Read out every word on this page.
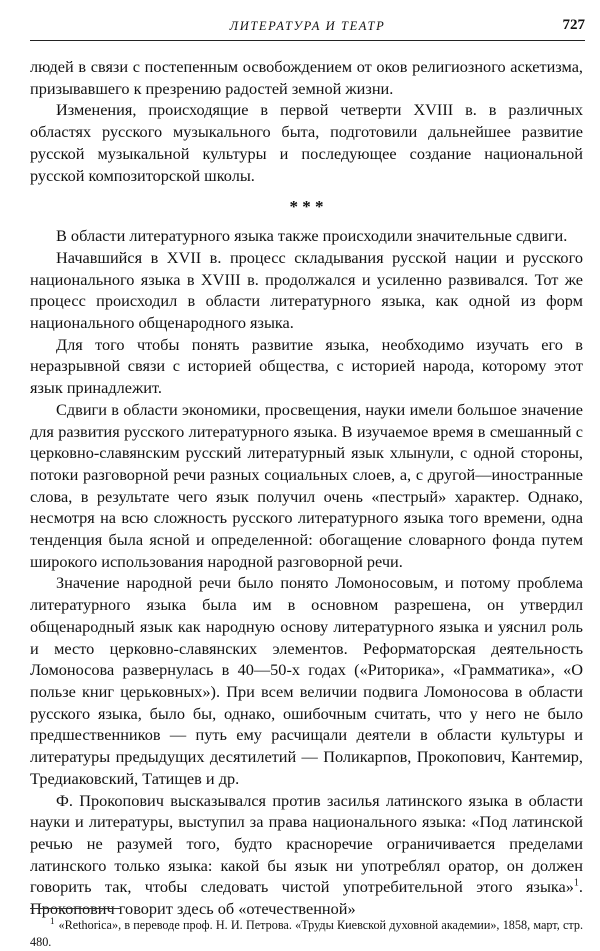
ЛИТЕРАТУРА И ТЕАТР	727

людей в связи с постепенным освобождением от оков религиозного аскетизма, призывавшего к презрению радостей земной жизни.

Изменения, происходящие в первой четверти XVIII в. в различных областях русского музыкального быта, подготовили дальнейшее развитие русской музыкальной культуры и последующее создание национальной русской композиторской школы.

* * *

В области литературного языка также происходили значительные сдвиги.

Начавшийся в XVII в. процесс складывания русской нации и русского национального языка в XVIII в. продолжался и усиленно развивался. Тот же процесс происходил в области литературного языка, как одной из форм национального общенародного языка.

Для того чтобы понять развитие языка, необходимо изучать его в неразрывной связи с историей общества, с историей народа, которому этот язык принадлежит.

Сдвиги в области экономики, просвещения, науки имели большое значение для развития русского литературного языка. В изучаемое время в смешанный с церковно-славянским русский литературный язык хлынули, с одной стороны, потоки разговорной речи разных социальных слоев, а, с другой—иностранные слова, в результате чего язык получил очень «пестрый» характер. Однако, несмотря на всю сложность русского литературного языка того времени, одна тенденция была ясной и определенной: обогащение словарного фонда путем широкого использования народной разговорной речи.

Значение народной речи было понято Ломоносовым, и потому проблема литературного языка была им в основном разрешена, он утвердил общенародный язык как народную основу литературного языка и уяснил роль и место церковно-славянских элементов. Реформаторская деятельность Ломоносова развернулась в 40—50-х годах («Риторика», «Грамматика», «О пользе книг церьковных»). При всем величии подвига Ломоносова в области русского языка, было бы, однако, ошибочным считать, что у него не было предшественников — путь ему расчищали деятели в области культуры и литературы предыдущих десятилетий — Поликарпов, Прокопович, Кантемир, Тредиаковский, Татищев и др.

Ф. Прокопович высказывался против засилья латинского языка в области науки и литературы, выступил за права национального языка: «Под латинской речью не разумей того, будто красноречие ограничивается пределами латинского только языка: какой бы язык ни употреблял оратор, он должен говорить так, чтобы следовать чистой употребительной этого языка»$^1$. Прокопович говорит здесь об «отечественной»

$^1$ «Rethorica», в переводе проф. Н. И. Петрова. «Труды Киевской духовной академии», 1858, март, стр. 480.
